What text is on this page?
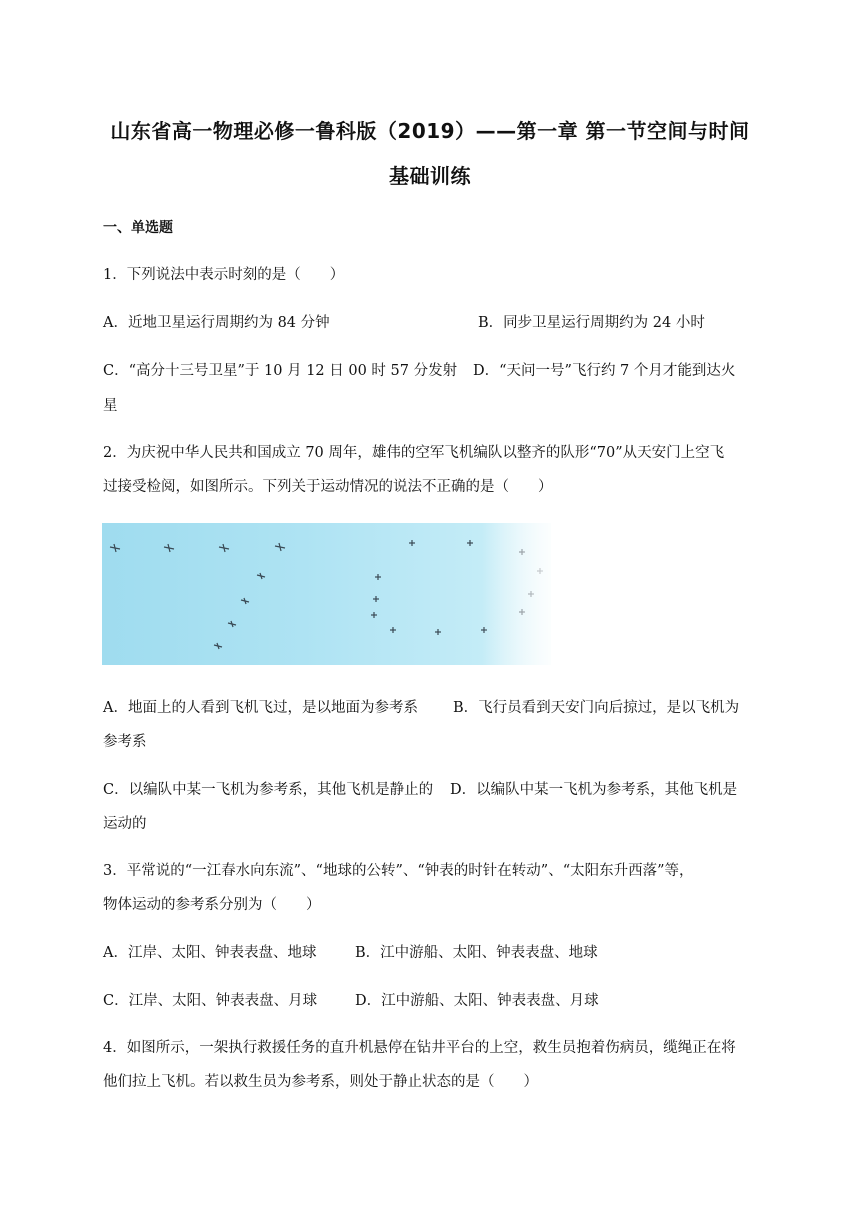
山东省高一物理必修一鲁科版（2019）——第一章 第一节空间与时间
基础训练
一、单选题
1．下列说法中表示时刻的是（　　）
A．近地卫星运行周期约为 84 分钟	B．同步卫星运行周期约为 24 小时
C．“高分十三号卫星”于 10 月 12 日 00 时 57 分发射 D．“天问一号”飞行约 7 个月才能到达火
星
2．为庆祝中华人民共和国成立 70 周年，雄伟的空军飞机编队以整齐的队形“70”从天安门上空飞
过接受检阅，如图所示。下列关于运动情况的说法不正确的是（　　）
A．地面上的人看到飞机飞过，是以地面为参考系 B．飞行员看到天安门向后掠过，是以飞机为
参考系
C．以编队中某一飞机为参考系，其他飞机是静止的 D．以编队中某一飞机为参考系，其他飞机是
运动的
3．平常说的“一江春水向东流”、“地球的公转”、“钟表的时针在转动”、“太阳东升西落”等，
物体运动的参考系分别为（　　）
A．江岸、太阳、钟表表盘、地球	B．江中游船、太阳、钟表表盘、地球
C．江岸、太阳、钟表表盘、月球	D．江中游船、太阳、钟表表盘、月球
4．如图所示，一架执行救援任务的直升机悬停在钻井平台的上空，救生员抱着伤病员，缆绳正在将
他们拉上飞机。若以救生员为参考系，则处于静止状态的是（　　）
